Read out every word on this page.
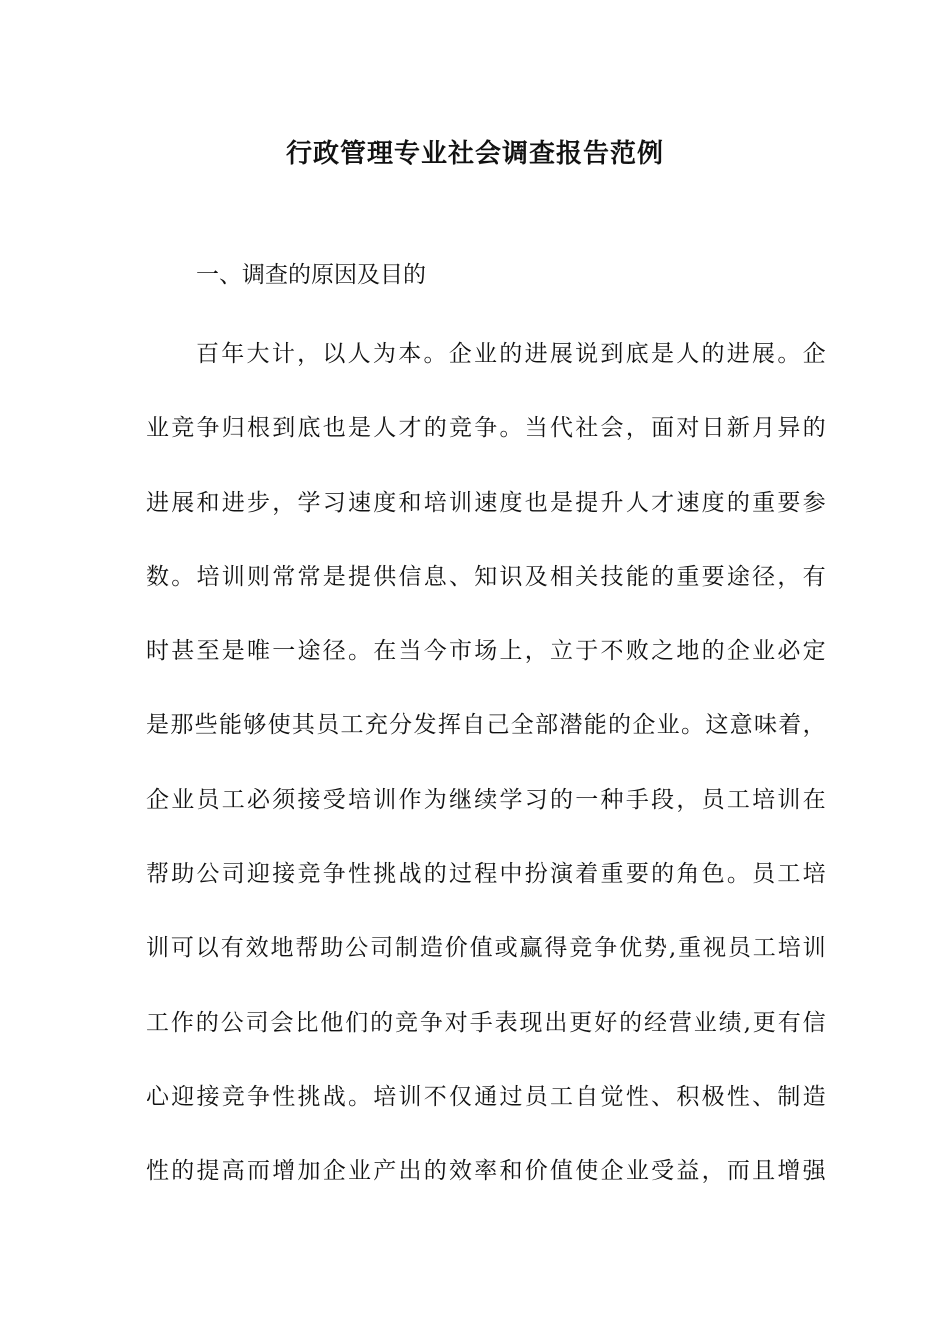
行政管理专业社会调查报告范例
一、调查的原因及目的
百年大计，以人为本。企业的进展说到底是人的进展。企
业竞争归根到底也是人才的竞争。当代社会，面对日新月异的
进展和进步，学习速度和培训速度也是提升人才速度的重要参
数。培训则常常是提供信息、知识及相关技能的重要途径，有
时甚至是唯一途径。在当今市场上，立于不败之地的企业必定
是那些能够使其员工充分发挥自己全部潜能的企业。这意味着，
企业员工必须接受培训作为继续学习的一种手段，员工培训在
帮助公司迎接竞争性挑战的过程中扮演着重要的角色。员工培
训可以有效地帮助公司制造价值或赢得竞争优势,重视员工培训
工作的公司会比他们的竞争对手表现出更好的经营业绩,更有信
心迎接竞争性挑战。培训不仅通过员工自觉性、积极性、制造
性的提高而增加企业产出的效率和价值使企业受益，而且增强
